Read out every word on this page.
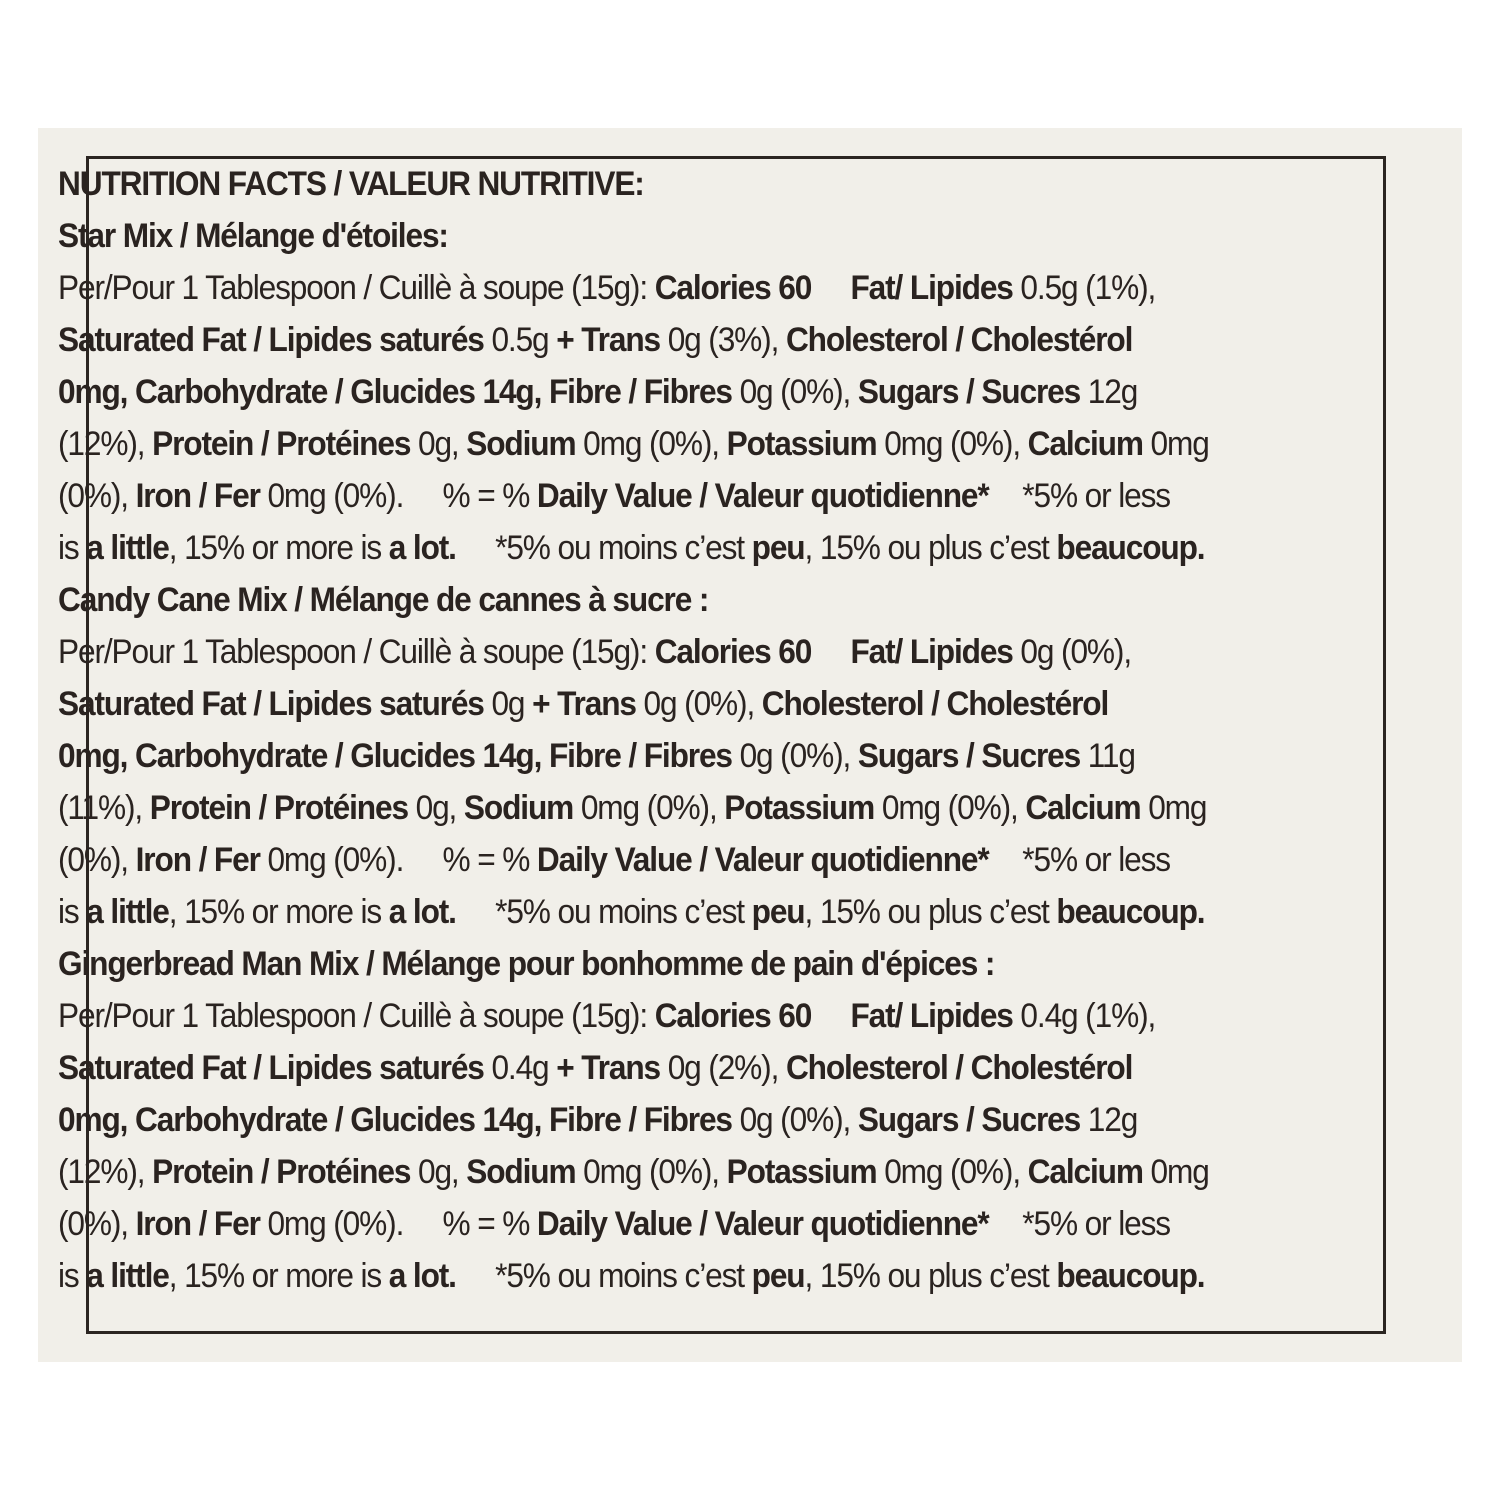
NUTRITION FACTS / VALEUR NUTRITIVE:
Star Mix / Mélange d'étoiles:
Per/Pour 1 Tablespoon / Cuillè à soupe (15g): Calories 60 Fat/ Lipides 0.5g (1%),
Saturated Fat / Lipides saturés 0.5g + Trans 0g (3%), Cholesterol / Cholestérol
0mg, Carbohydrate / Glucides 14g, Fibre / Fibres 0g (0%), Sugars / Sucres 12g
(12%), Protein / Protéines 0g, Sodium 0mg (0%), Potassium 0mg (0%), Calcium 0mg
(0%), Iron / Fer 0mg (0%). % = % Daily Value / Valeur quotidienne* *5% or less
is a little, 15% or more is a lot. *5% ou moins c’est peu, 15% ou plus c’est beaucoup.
Candy Cane Mix / Mélange de cannes à sucre :
Per/Pour 1 Tablespoon / Cuillè à soupe (15g): Calories 60 Fat/ Lipides 0g (0%),
Saturated Fat / Lipides saturés 0g + Trans 0g (0%), Cholesterol / Cholestérol
0mg, Carbohydrate / Glucides 14g, Fibre / Fibres 0g (0%), Sugars / Sucres 11g
(11%), Protein / Protéines 0g, Sodium 0mg (0%), Potassium 0mg (0%), Calcium 0mg
(0%), Iron / Fer 0mg (0%). % = % Daily Value / Valeur quotidienne* *5% or less
is a little, 15% or more is a lot. *5% ou moins c’est peu, 15% ou plus c’est beaucoup.
Gingerbread Man Mix / Mélange pour bonhomme de pain d'épices :
Per/Pour 1 Tablespoon / Cuillè à soupe (15g): Calories 60 Fat/ Lipides 0.4g (1%),
Saturated Fat / Lipides saturés 0.4g + Trans 0g (2%), Cholesterol / Cholestérol
0mg, Carbohydrate / Glucides 14g, Fibre / Fibres 0g (0%), Sugars / Sucres 12g
(12%), Protein / Protéines 0g, Sodium 0mg (0%), Potassium 0mg (0%), Calcium 0mg
(0%), Iron / Fer 0mg (0%). % = % Daily Value / Valeur quotidienne* *5% or less
is a little, 15% or more is a lot. *5% ou moins c’est peu, 15% ou plus c’est beaucoup.
